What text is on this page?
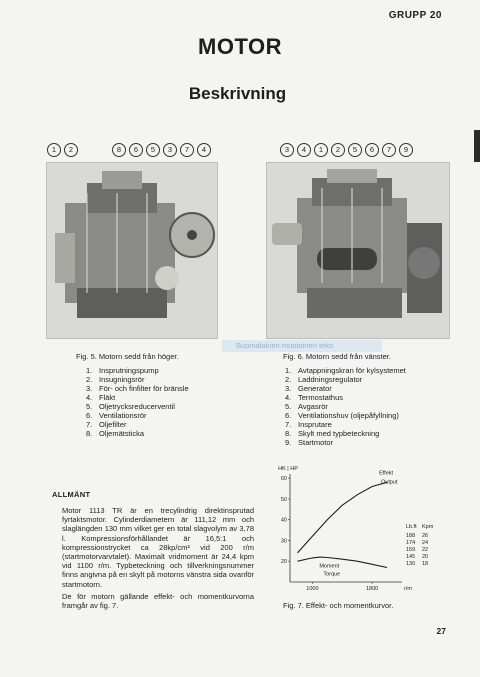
GRUPP 20
MOTOR
Beskrivning
1	2	8	6	5	3	7	4
Fig. 5. Motorn sedd från höger.
1. Insprutningspump
2. Insugningsrör
3. För- och finfilter för bränsle
4. Fläkt
5. Oljetrycksreducerventil
6. Ventilationsrör
7. Oljefilter
8. Oljemätsticka
3	4	1	2	5	6	7	9
Fig. 6. Motorn sedd från vänster.
1. Avtappningskran för kylsystemet
2. Laddningsregulator
3. Generator
4. Termostathus
5. Avgasrör
6. Ventilationshuv (oljepåfyllning)
7. Insprutare
8. Skylt med typbeteckning
9. Startmotor
Suomalainen muotoinen teko
ALLMÄNT
Motor 1113 TR är en trecylindrig direktinsprutad fyrtaktsmotor. Cylinderdiametern är 111,12 mm och slaglängden 130 mm vilket ger en total slagvolym av 3,78 l. Kompressionsförhållandet är 16,5:1 och kompressionstrycket ca 28kp/cm² vid 200 r/m (startmotorvarvtalet). Maximalt vridmoment är 24,4 kpm vid 1100 r/m. Typbeteckning och tillverkningsnummer finns angivna på en skylt på motorns vänstra sida ovanför startmotorn.
De för motorn gällande effekt- och momentkurvorna framgår av fig. 7.
HK | HP
20
30
40
50
60
1000	1800	r/m
Effekt
Output
Moment
Torque
Lb.ft Kpm
188 26
174 24
159 22
145 20
130 18
Fig. 7. Effekt- och momentkurvor.
27
